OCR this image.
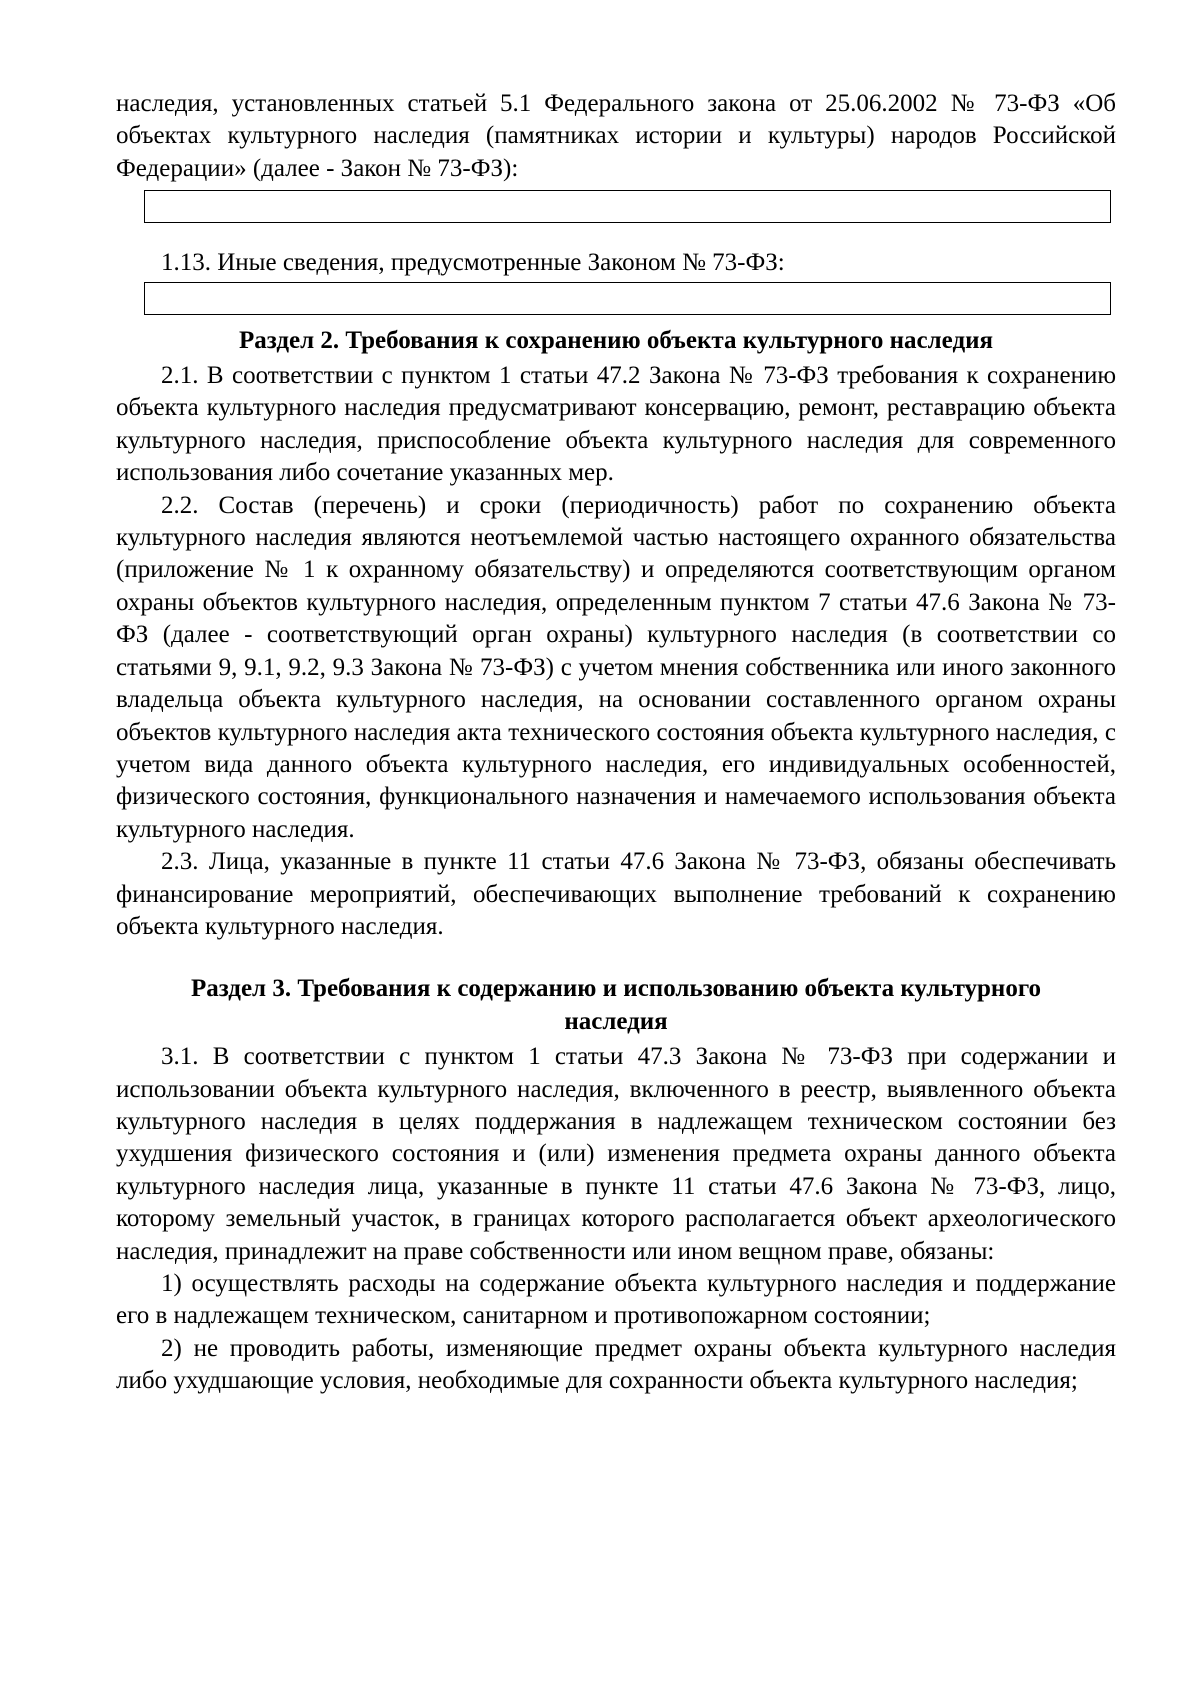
наследия, установленных статьей 5.1 Федерального закона от 25.06.2002 № 73-ФЗ «Об объектах культурного наследия (памятниках истории и культуры) народов Российской Федерации» (далее - Закон № 73-ФЗ):

1.13. Иные сведения, предусмотренные Законом № 73-ФЗ:

Раздел 2. Требования к сохранению объекта культурного наследия

2.1. В соответствии с пунктом 1 статьи 47.2 Закона № 73-ФЗ требования к сохранению объекта культурного наследия предусматривают консервацию, ремонт, реставрацию объекта культурного наследия, приспособление объекта культурного наследия для современного использования либо сочетание указанных мер.

2.2. Состав (перечень) и сроки (периодичность) работ по сохранению объекта культурного наследия являются неотъемлемой частью настоящего охранного обязательства (приложение № 1 к охранному обязательству) и определяются соответствующим органом охраны объектов культурного наследия, определенным пунктом 7 статьи 47.6 Закона № 73-ФЗ (далее - соответствующий орган охраны) культурного наследия (в соответствии со статьями 9, 9.1, 9.2, 9.3 Закона № 73-ФЗ) с учетом мнения собственника или иного законного владельца объекта культурного наследия, на основании составленного органом охраны объектов культурного наследия акта технического состояния объекта культурного наследия, с учетом вида данного объекта культурного наследия, его индивидуальных особенностей, физического состояния, функционального назначения и намечаемого использования объекта культурного наследия.

2.3. Лица, указанные в пункте 11 статьи 47.6 Закона № 73-ФЗ, обязаны обеспечивать финансирование мероприятий, обеспечивающих выполнение требований к сохранению объекта культурного наследия.

Раздел 3. Требования к содержанию и использованию объекта культурного
наследия

3.1. В соответствии с пунктом 1 статьи 47.3 Закона № 73-ФЗ при содержании и использовании объекта культурного наследия, включенного в реестр, выявленного объекта культурного наследия в целях поддержания в надлежащем техническом состоянии без ухудшения физического состояния и (или) изменения предмета охраны данного объекта культурного наследия лица, указанные в пункте 11 статьи 47.6 Закона № 73-ФЗ, лицо, которому земельный участок, в границах которого располагается объект археологического наследия, принадлежит на праве собственности или ином вещном праве, обязаны:

1) осуществлять расходы на содержание объекта культурного наследия и поддержание его в надлежащем техническом, санитарном и противопожарном состоянии;

2) не проводить работы, изменяющие предмет охраны объекта культурного наследия либо ухудшающие условия, необходимые для сохранности объекта культурного наследия;
